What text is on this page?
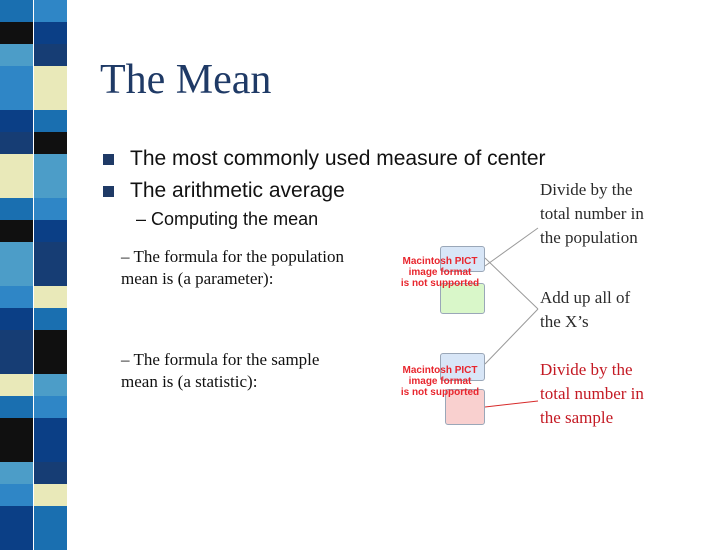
The Mean
The most commonly used measure of center
The arithmetic average
– Computing the mean
– The formula for the population
mean is (a parameter):
– The formula for the sample
mean is (a statistic):
Macintosh PICT
image format
is not supported
Macintosh PICT
image format
is not supported
Divide by the
total number in
the population
Add up all of
the X’s
Divide by the
total number in
the sample
